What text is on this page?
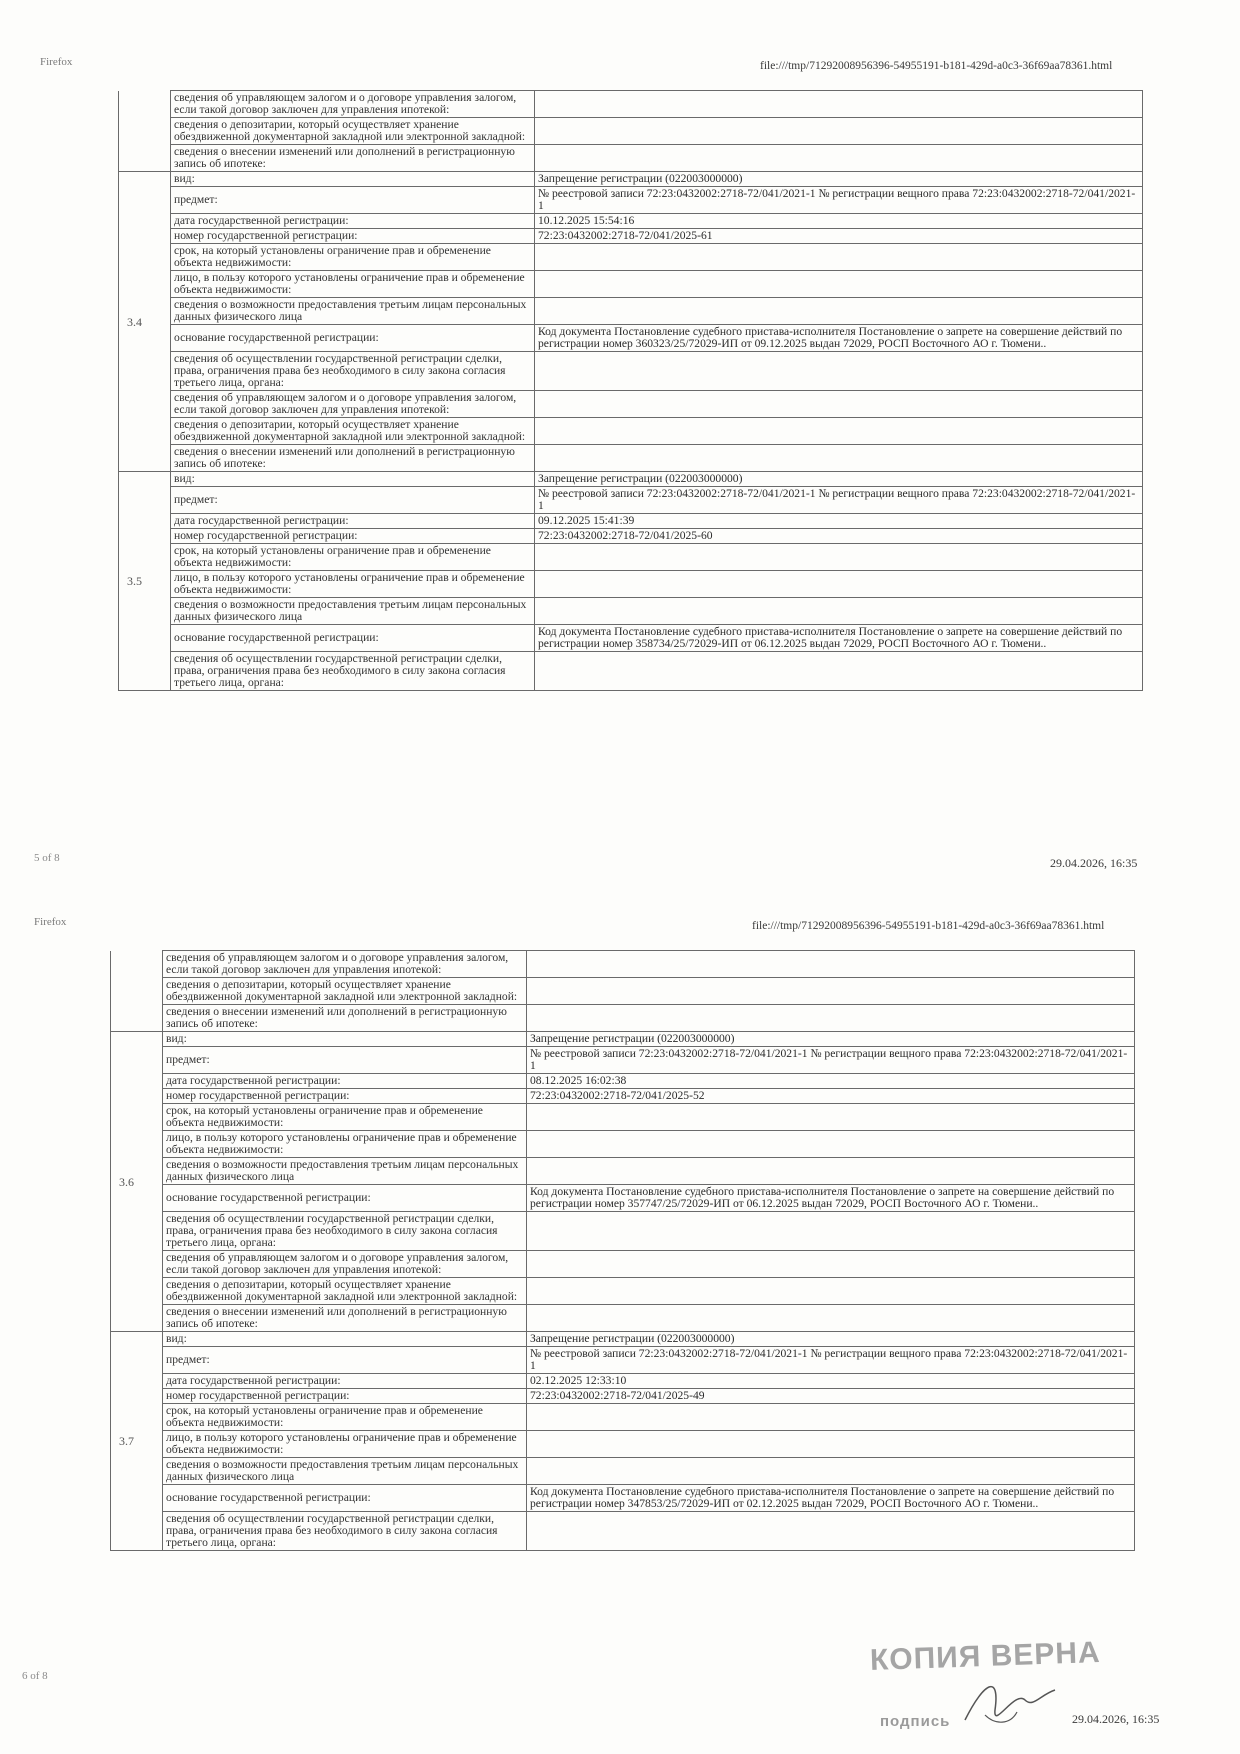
Firefox	file:///tmp/71292008956396-54955191-b181-429d-a0c3-36f69aa78361.html
	сведения об управляющем залогом и о договоре управления залогом, если такой договор заключен для управления ипотекой:	
	сведения о депозитарии, который осуществляет хранение обездвиженной документарной закладной или электронной закладной:	
	сведения о внесении изменений или дополнений в регистрационную запись об ипотеке:	
3.4	вид:	Запрещение регистрации (022003000000)
	предмет:	№ реестровой записи 72:23:0432002:2718-72/041/2021-1 № регистрации вещного права 72:23:0432002:2718-72/041/2021-1
	дата государственной регистрации:	10.12.2025 15:54:16
	номер государственной регистрации:	72:23:0432002:2718-72/041/2025-61
	срок, на который установлены ограничение прав и обременение объекта недвижимости:	
	лицо, в пользу которого установлены ограничение прав и обременение объекта недвижимости:	
	сведения о возможности предоставления третьим лицам персональных данных физического лица	
	основание государственной регистрации:	Код документа Постановление судебного пристава-исполнителя Постановление о запрете на совершение действий по регистрации номер 360323/25/72029-ИП от 09.12.2025 выдан 72029, РОСП Восточного АО г. Тюмени..
	сведения об осуществлении государственной регистрации сделки, права, ограничения права без необходимого в силу закона согласия третьего лица, органа:	
	сведения об управляющем залогом и о договоре управления залогом, если такой договор заключен для управления ипотекой:	
	сведения о депозитарии, который осуществляет хранение обездвиженной документарной закладной или электронной закладной:	
	сведения о внесении изменений или дополнений в регистрационную запись об ипотеке:	
3.5	вид:	Запрещение регистрации (022003000000)
	предмет:	№ реестровой записи 72:23:0432002:2718-72/041/2021-1 № регистрации вещного права 72:23:0432002:2718-72/041/2021-1
	дата государственной регистрации:	09.12.2025 15:41:39
	номер государственной регистрации:	72:23:0432002:2718-72/041/2025-60
	срок, на который установлены ограничение прав и обременение объекта недвижимости:	
	лицо, в пользу которого установлены ограничение прав и обременение объекта недвижимости:	
	сведения о возможности предоставления третьим лицам персональных данных физического лица	
	основание государственной регистрации:	Код документа Постановление судебного пристава-исполнителя Постановление о запрете на совершение действий по регистрации номер 358734/25/72029-ИП от 06.12.2025 выдан 72029, РОСП Восточного АО г. Тюмени..
	сведения об осуществлении государственной регистрации сделки, права, ограничения права без необходимого в силу закона согласия третьего лица, органа:	
5 of 8	29.04.2026, 16:35
Firefox	file:///tmp/71292008956396-54955191-b181-429d-a0c3-36f69aa78361.html
	сведения об управляющем залогом и о договоре управления залогом, если такой договор заключен для управления ипотекой:	
	сведения о депозитарии, который осуществляет хранение обездвиженной документарной закладной или электронной закладной:	
	сведения о внесении изменений или дополнений в регистрационную запись об ипотеке:	
3.6	вид:	Запрещение регистрации (022003000000)
	предмет:	№ реестровой записи 72:23:0432002:2718-72/041/2021-1 № регистрации вещного права 72:23:0432002:2718-72/041/2021-1
	дата государственной регистрации:	08.12.2025 16:02:38
	номер государственной регистрации:	72:23:0432002:2718-72/041/2025-52
	срок, на который установлены ограничение прав и обременение объекта недвижимости:	
	лицо, в пользу которого установлены ограничение прав и обременение объекта недвижимости:	
	сведения о возможности предоставления третьим лицам персональных данных физического лица	
	основание государственной регистрации:	Код документа Постановление судебного пристава-исполнителя Постановление о запрете на совершение действий по регистрации номер 357747/25/72029-ИП от 06.12.2025 выдан 72029, РОСП Восточного АО г. Тюмени..
	сведения об осуществлении государственной регистрации сделки, права, ограничения права без необходимого в силу закона согласия третьего лица, органа:	
	сведения об управляющем залогом и о договоре управления залогом, если такой договор заключен для управления ипотекой:	
	сведения о депозитарии, который осуществляет хранение обездвиженной документарной закладной или электронной закладной:	
	сведения о внесении изменений или дополнений в регистрационную запись об ипотеке:	
3.7	вид:	Запрещение регистрации (022003000000)
	предмет:	№ реестровой записи 72:23:0432002:2718-72/041/2021-1 № регистрации вещного права 72:23:0432002:2718-72/041/2021-1
	дата государственной регистрации:	02.12.2025 12:33:10
	номер государственной регистрации:	72:23:0432002:2718-72/041/2025-49
	срок, на который установлены ограничение прав и обременение объекта недвижимости:	
	лицо, в пользу которого установлены ограничение прав и обременение объекта недвижимости:	
	сведения о возможности предоставления третьим лицам персональных данных физического лица	
	основание государственной регистрации:	Код документа Постановление судебного пристава-исполнителя Постановление о запрете на совершение действий по регистрации номер 347853/25/72029-ИП от 02.12.2025 выдан 72029, РОСП Восточного АО г. Тюмени..
	сведения об осуществлении государственной регистрации сделки, права, ограничения права без необходимого в силу закона согласия третьего лица, органа:	
6 of 8
29.04.2026, 16:35
КОПИЯ ВЕРНА
подпись
